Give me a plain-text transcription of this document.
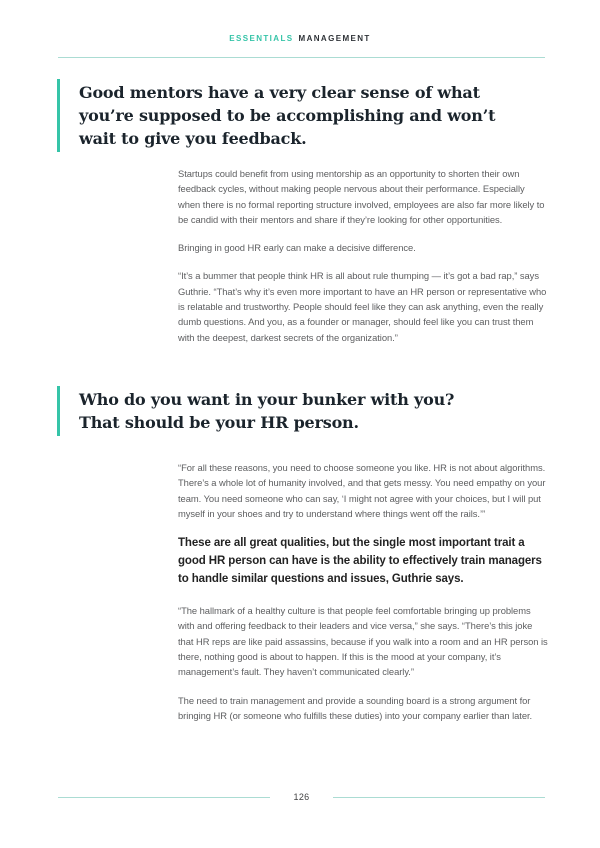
ESSENTIALS MANAGEMENT

Good mentors have a very clear sense of what you’re supposed to be accomplishing and won’t wait to give you feedback.

Startups could benefit from using mentorship as an opportunity to shorten their own feedback cycles, without making people nervous about their performance. Especially when there is no formal reporting structure involved, employees are also far more likely to be candid with their mentors and share if they’re looking for other opportunities.

Bringing in good HR early can make a decisive difference.

“It’s a bummer that people think HR is all about rule thumping — it’s got a bad rap,” says Guthrie. “That’s why it’s even more important to have an HR person or representative who is relatable and trustworthy. People should feel like they can ask anything, even the really dumb questions. And you, as a founder or manager, should feel like you can trust them with the deepest, darkest secrets of the organization.”

Who do you want in your bunker with you? That should be your HR person.

“For all these reasons, you need to choose someone you like. HR is not about algorithms. There’s a whole lot of humanity involved, and that gets messy. You need empathy on your team. You need someone who can say, ‘I might not agree with your choices, but I will put myself in your shoes and try to understand where things went off the rails.’”

These are all great qualities, but the single most important trait a good HR person can have is the ability to effectively train managers to handle similar questions and issues, Guthrie says.

“The hallmark of a healthy culture is that people feel comfortable bringing up problems with and offering feedback to their leaders and vice versa,” she says. “There’s this joke that HR reps are like paid assassins, because if you walk into a room and an HR person is there, nothing good is about to happen. If this is the mood at your company, it’s management’s fault. They haven’t communicated clearly.”

The need to train management and provide a sounding board is a strong argument for bringing HR (or someone who fulfills these duties) into your company earlier than later.

126
